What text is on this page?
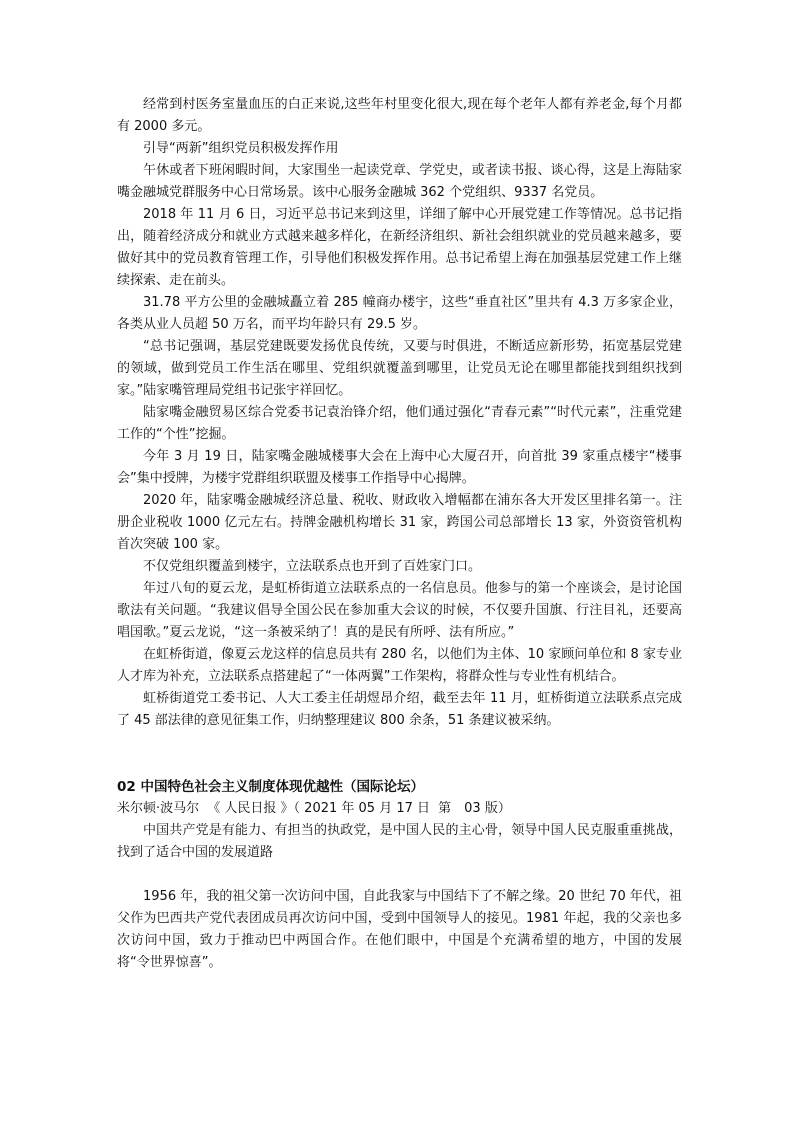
经常到村医务室量血压的白正来说,这些年村里变化很大,现在每个老年人都有养老金,每个月都有 2000 多元。

引导“两新”组织党员积极发挥作用

午休或者下班闲暇时间，大家围坐一起读党章、学党史，或者读书报、谈心得，这是上海陆家嘴金融城党群服务中心日常场景。该中心服务金融城 362 个党组织、9337 名党员。

2018 年 11 月 6 日，习近平总书记来到这里，详细了解中心开展党建工作等情况。总书记指出，随着经济成分和就业方式越来越多样化，在新经济组织、新社会组织就业的党员越来越多，要做好其中的党员教育管理工作，引导他们积极发挥作用。总书记希望上海在加强基层党建工作上继续探索、走在前头。

31.78 平方公里的金融城矗立着 285 幢商办楼宇，这些“垂直社区”里共有 4.3 万多家企业，各类从业人员超 50 万名，而平均年龄只有 29.5 岁。

“总书记强调，基层党建既要发扬优良传统，又要与时俱进，不断适应新形势，拓宽基层党建的领域，做到党员工作生活在哪里、党组织就覆盖到哪里，让党员无论在哪里都能找到组织找到家。”陆家嘴管理局党组书记张宇祥回忆。

陆家嘴金融贸易区综合党委书记袁治锋介绍，他们通过强化“青春元素”“时代元素”，注重党建工作的“个性”挖掘。

今年 3 月 19 日，陆家嘴金融城楼事大会在上海中心大厦召开，向首批 39 家重点楼宇“楼事会”集中授牌，为楼宇党群组织联盟及楼事工作指导中心揭牌。

2020 年，陆家嘴金融城经济总量、税收、财政收入增幅都在浦东各大开发区里排名第一。注册企业税收 1000 亿元左右。持牌金融机构增长 31 家，跨国公司总部增长 13 家，外资资管机构首次突破 100 家。

不仅党组织覆盖到楼宇，立法联系点也开到了百姓家门口。

年过八旬的夏云龙，是虹桥街道立法联系点的一名信息员。他参与的第一个座谈会，是讨论国歌法有关问题。“我建议倡导全国公民在参加重大会议的时候，不仅要升国旗、行注目礼，还要高唱国歌。”夏云龙说，“这一条被采纳了！真的是民有所呼、法有所应。”

在虹桥街道，像夏云龙这样的信息员共有 280 名，以他们为主体、10 家顾问单位和 8 家专业人才库为补充，立法联系点搭建起了“一体两翼”工作架构，将群众性与专业性有机结合。

虹桥街道党工委书记、人大工委主任胡煜昂介绍，截至去年 11 月，虹桥街道立法联系点完成了 45 部法律的意见征集工作，归纳整理建议 800 余条，51 条建议被采纳。

02 中国特色社会主义制度体现优越性（国际论坛）

米尔顿·波马尔 《 人民日报 》（ 2021 年 05 月 17 日 第　03 版）

中国共产党是有能力、有担当的执政党，是中国人民的主心骨，领导中国人民克服重重挑战，找到了适合中国的发展道路

1956 年，我的祖父第一次访问中国，自此我家与中国结下了不解之缘。20 世纪 70 年代，祖父作为巴西共产党代表团成员再次访问中国，受到中国领导人的接见。1981 年起，我的父亲也多次访问中国，致力于推动巴中两国合作。在他们眼中，中国是个充满希望的地方，中国的发展将“令世界惊喜”。
